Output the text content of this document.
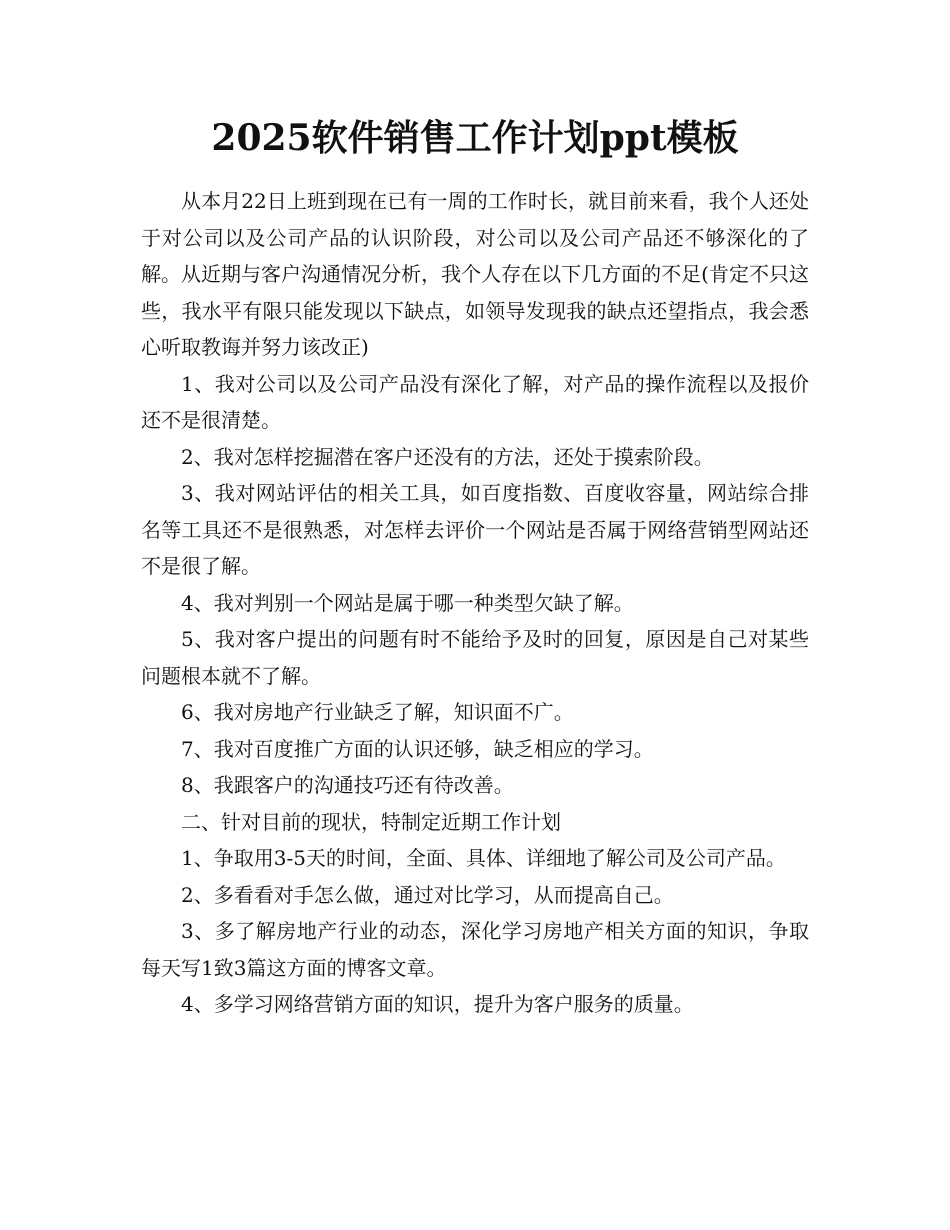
2025软件销售工作计划ppt模板

从本月22日上班到现在已有一周的工作时长，就目前来看，我个人还处于对公司以及公司产品的认识阶段，对公司以及公司产品还不够深化的了解。从近期与客户沟通情况分析，我个人存在以下几方面的不足(肯定不只这些，我水平有限只能发现以下缺点，如领导发现我的缺点还望指点，我会悉心听取教诲并努力该改正)

1、我对公司以及公司产品没有深化了解，对产品的操作流程以及报价还不是很清楚。

2、我对怎样挖掘潜在客户还没有的方法，还处于摸索阶段。

3、我对网站评估的相关工具，如百度指数、百度收容量，网站综合排名等工具还不是很熟悉，对怎样去评价一个网站是否属于网络营销型网站还不是很了解。

4、我对判别一个网站是属于哪一种类型欠缺了解。

5、我对客户提出的问题有时不能给予及时的回复，原因是自己对某些问题根本就不了解。

6、我对房地产行业缺乏了解，知识面不广。

7、我对百度推广方面的认识还够，缺乏相应的学习。

8、我跟客户的沟通技巧还有待改善。

二、针对目前的现状，特制定近期工作计划

1、争取用3-5天的时间，全面、具体、详细地了解公司及公司产品。

2、多看看对手怎么做，通过对比学习，从而提高自己。

3、多了解房地产行业的动态，深化学习房地产相关方面的知识，争取每天写1致3篇这方面的博客文章。

4、多学习网络营销方面的知识，提升为客户服务的质量。
